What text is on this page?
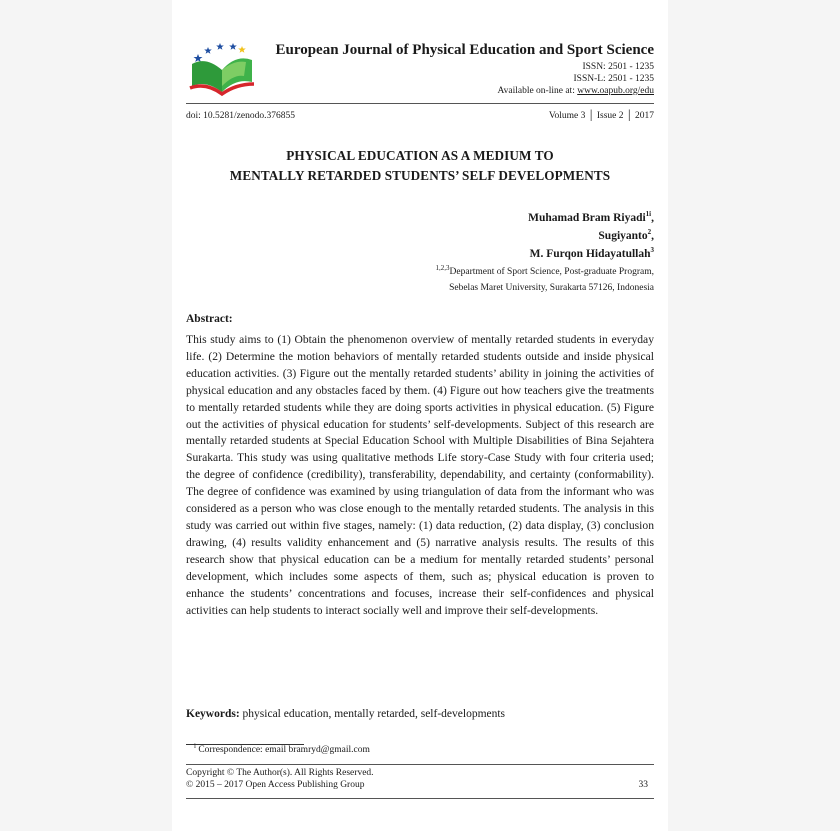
European Journal of Physical Education and Sport Science
ISSN: 2501 - 1235
ISSN-L: 2501 - 1235
Available on-line at: www.oapub.org/edu
doi: 10.5281/zenodo.376855	Volume 3 │ Issue 2 │ 2017
PHYSICAL EDUCATION AS A MEDIUM TO
MENTALLY RETARDED STUDENTS’ SELF DEVELOPMENTS
Muhamad Bram Riyadi$^{1i}$,
Sugiyanto$^2$,
M. Furqon Hidayatullah$^3$
$^{1,2,3}$Department of Sport Science, Post-graduate Program,
Sebelas Maret University, Surakarta 57126, Indonesia
Abstract:
This study aims to (1) Obtain the phenomenon overview of mentally retarded students in everyday life. (2) Determine the motion behaviors of mentally retarded students outside and inside physical education activities. (3) Figure out the mentally retarded students’ ability in joining the activities of physical education and any obstacles faced by them. (4) Figure out how teachers give the treatments to mentally retarded students while they are doing sports activities in physical education. (5) Figure out the activities of physical education for students’ self-developments. Subject of this research are mentally retarded students at Special Education School with Multiple Disabilities of Bina Sejahtera Surakarta. This study was using qualitative methods Life story-Case Study with four criteria used; the degree of confidence (credibility), transferability, dependability, and certainty (conformability). The degree of confidence was examined by using triangulation of data from the informant who was considered as a person who was close enough to the mentally retarded students. The analysis in this study was carried out within five stages, namely: (1) data reduction, (2) data display, (3) conclusion drawing, (4) results validity enhancement and (5) narrative analysis results. The results of this research show that physical education can be a medium for mentally retarded students’ personal development, which includes some aspects of them, such as; physical education is proven to enhance the students’ concentrations and focuses, increase their self-confidences and physical activities can help students to interact socially well and improve their self-developments.
Keywords: physical education, mentally retarded, self-developments
$^i$ Correspondence: email bramryd@gmail.com
Copyright © The Author(s). All Rights Reserved.
© 2015 – 2017 Open Access Publishing Group	33
